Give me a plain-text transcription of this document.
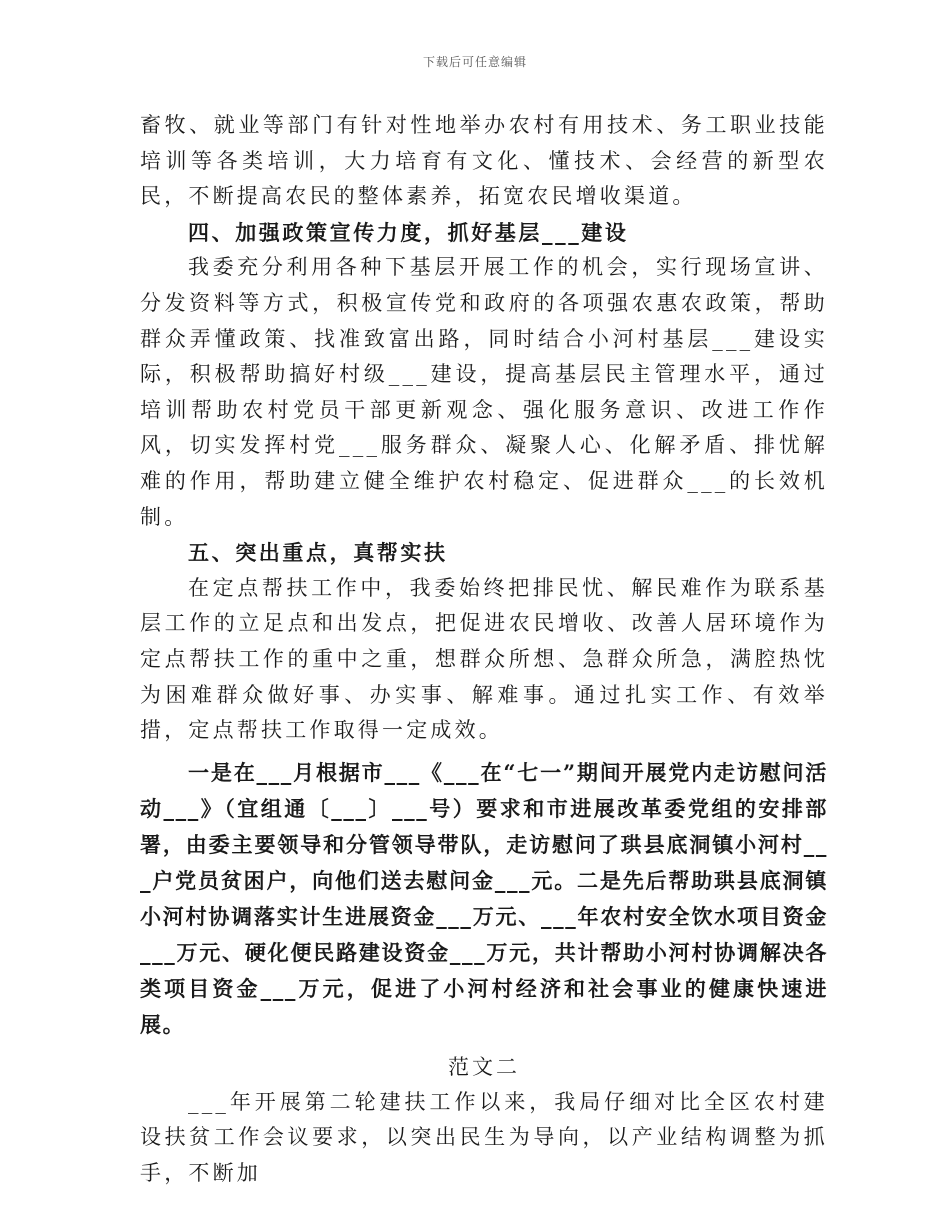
下载后可任意编辑

畜牧、就业等部门有针对性地举办农村有用技术、务工职业技能培训等各类培训，大力培育有文化、懂技术、会经营的新型农民，不断提高农民的整体素养，拓宽农民增收渠道。

四、加强政策宣传力度，抓好基层___建设

我委充分利用各种下基层开展工作的机会，实行现场宣讲、分发资料等方式，积极宣传党和政府的各项强农惠农政策，帮助群众弄懂政策、找准致富出路，同时结合小河村基层___建设实际，积极帮助搞好村级___建设，提高基层民主管理水平，通过培训帮助农村党员干部更新观念、强化服务意识、改进工作作风，切实发挥村党___服务群众、凝聚人心、化解矛盾、排忧解难的作用，帮助建立健全维护农村稳定、促进群众___的长效机制。

五、突出重点，真帮实扶

在定点帮扶工作中，我委始终把排民忧、解民难作为联系基层工作的立足点和出发点，把促进农民增收、改善人居环境作为定点帮扶工作的重中之重，想群众所想、急群众所急，满腔热忱为困难群众做好事、办实事、解难事。通过扎实工作、有效举措，定点帮扶工作取得一定成效。

一是在___月根据市___《___在“七一”期间开展党内走访慰问活动___》（宜组通〔___〕___号）要求和市进展改革委党组的安排部署，由委主要领导和分管领导带队，走访慰问了珙县底洞镇小河村___户党员贫困户，向他们送去慰问金___元。二是先后帮助珙县底洞镇小河村协调落实计生进展资金___万元、___年农村安全饮水项目资金___万元、硬化便民路建设资金___万元，共计帮助小河村协调解决各类项目资金___万元，促进了小河村经济和社会事业的健康快速进展。

范文二

___年开展第二轮建扶工作以来，我局仔细对比全区农村建设扶贫工作会议要求，以突出民生为导向，以产业结构调整为抓手，不断加
